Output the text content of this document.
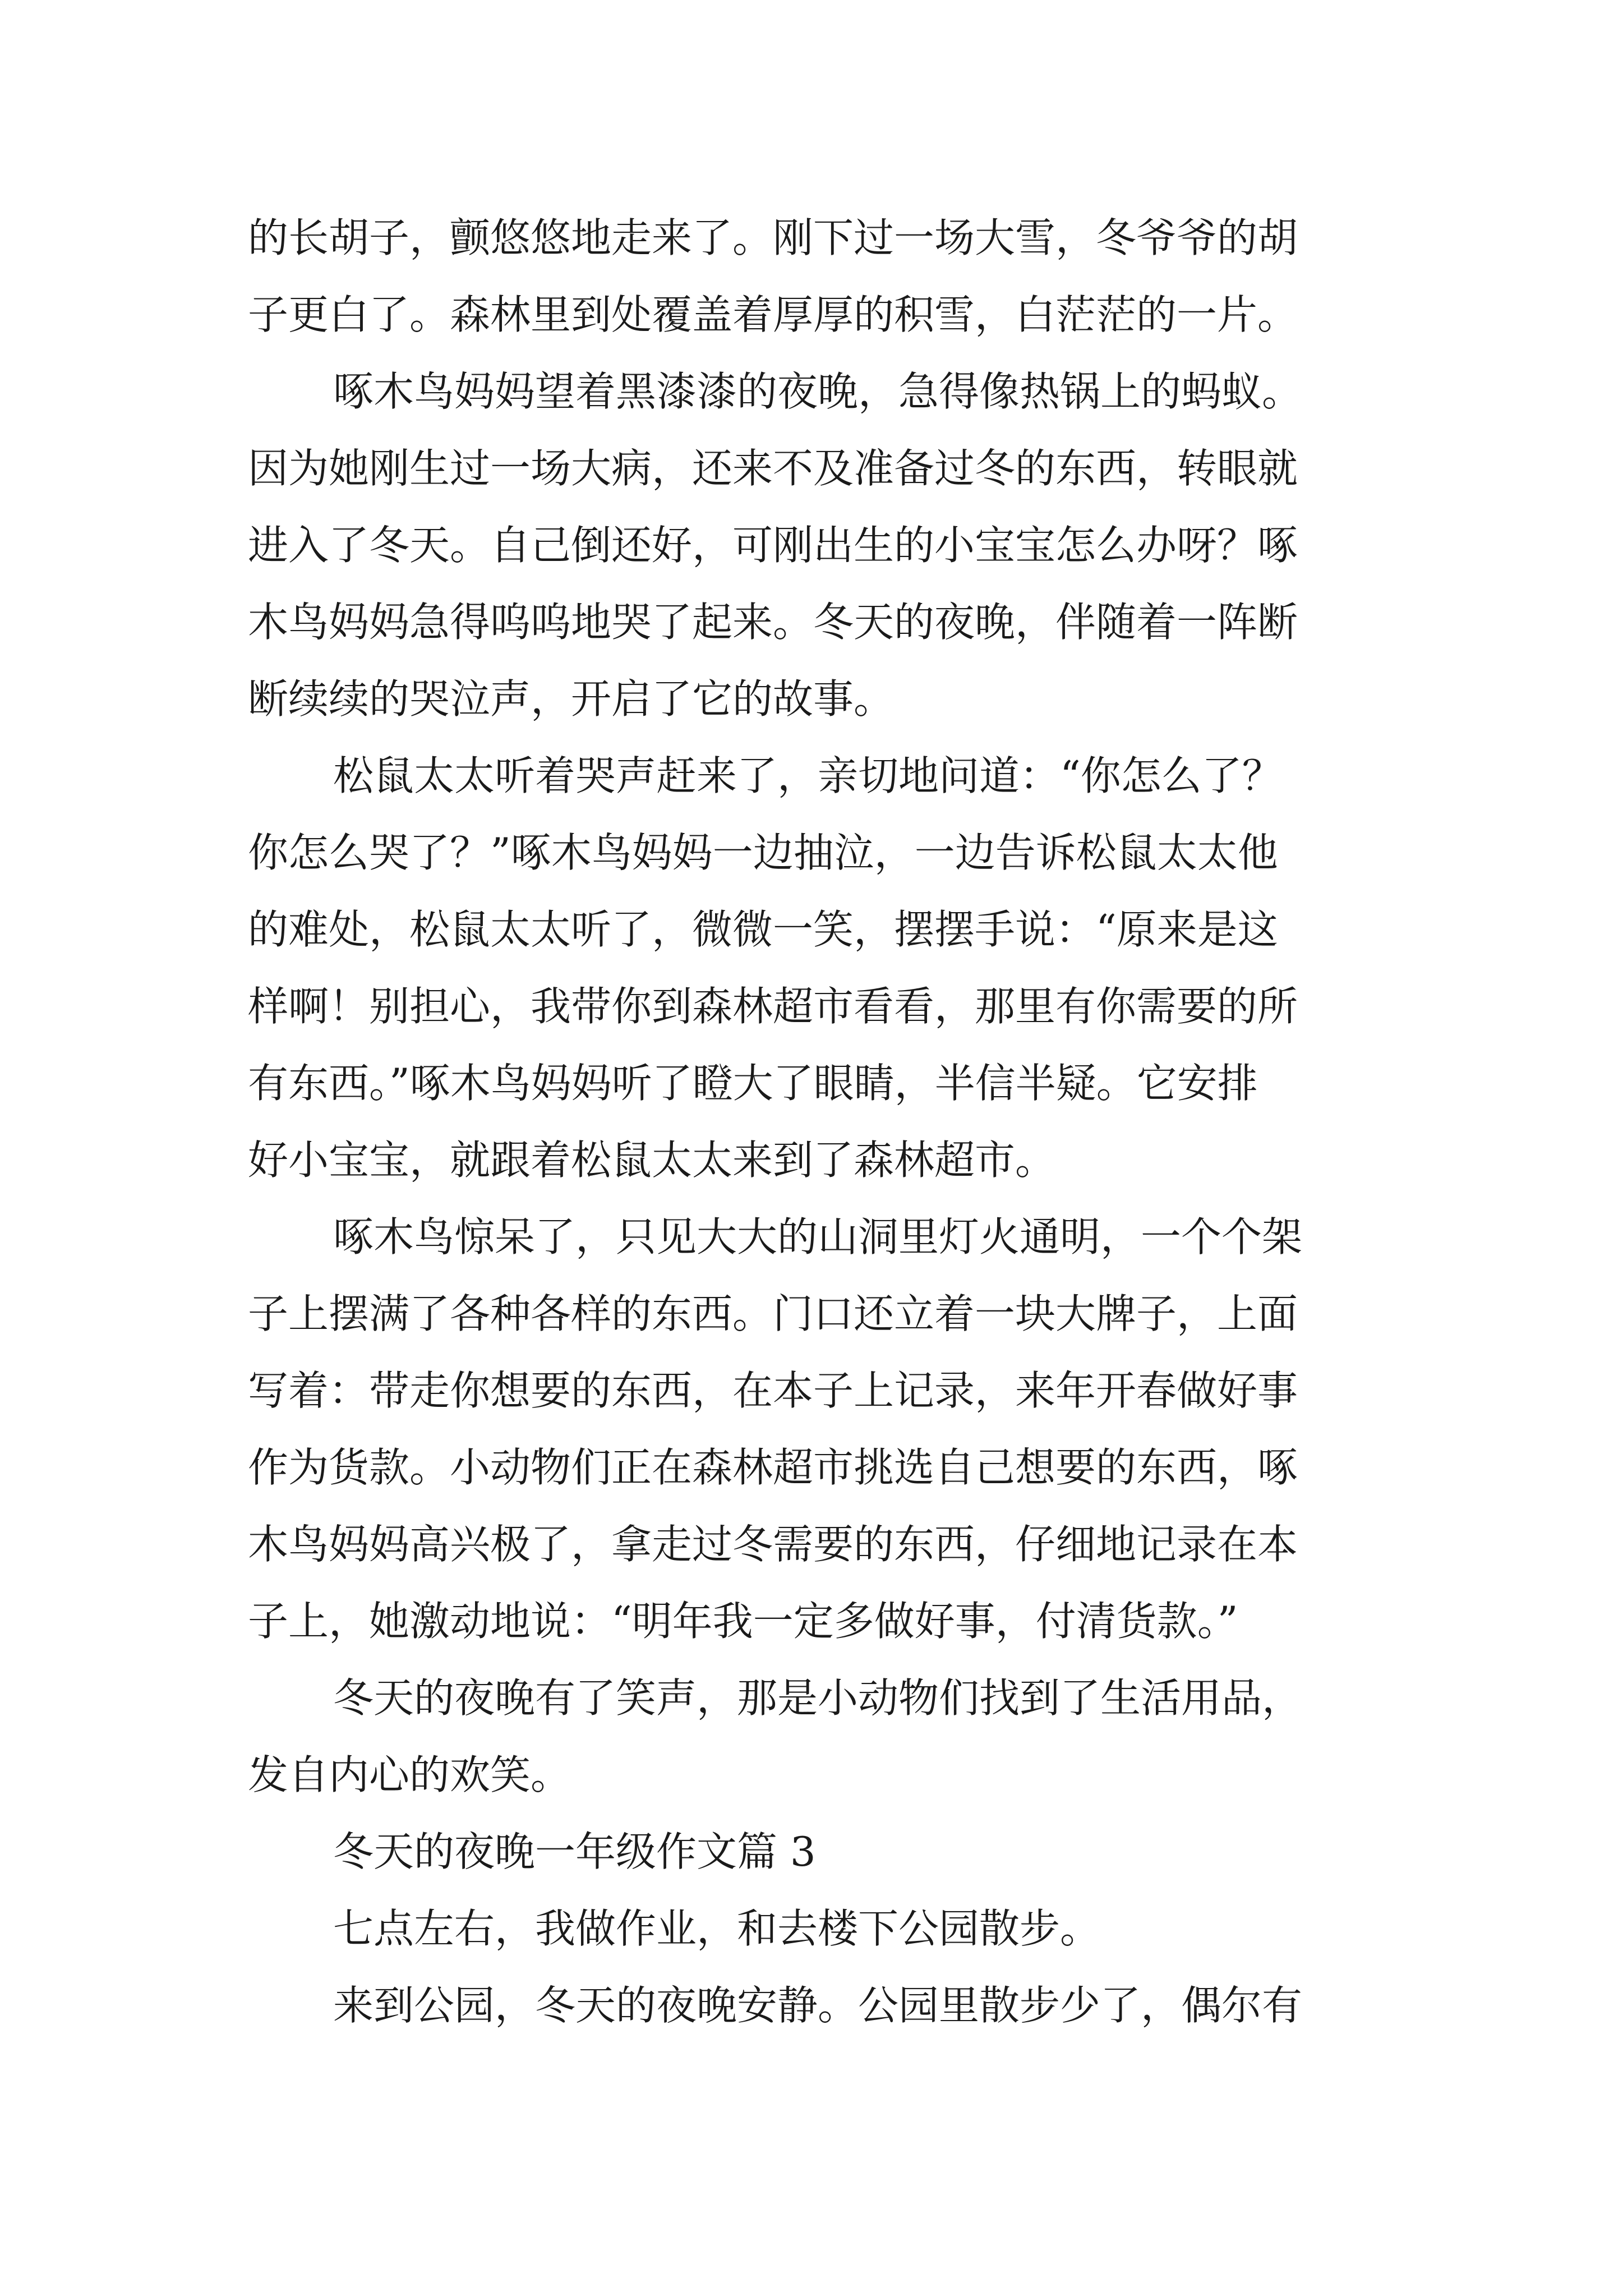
的长胡子，颤悠悠地走来了。刚下过一场大雪，冬爷爷的胡
子更白了。森林里到处覆盖着厚厚的积雪，白茫茫的一片。
啄木鸟妈妈望着黑漆漆的夜晚，急得像热锅上的蚂蚁。
因为她刚生过一场大病，还来不及准备过冬的东西，转眼就
进入了冬天。自己倒还好，可刚出生的小宝宝怎么办呀？啄
木鸟妈妈急得呜呜地哭了起来。冬天的夜晚，伴随着一阵断
断续续的哭泣声，开启了它的故事。
松鼠太太听着哭声赶来了，亲切地问道：“你怎么了？
你怎么哭了？”啄木鸟妈妈一边抽泣，一边告诉松鼠太太他
的难处，松鼠太太听了，微微一笑，摆摆手说：“原来是这
样啊！别担心，我带你到森林超市看看，那里有你需要的所
有东西。”啄木鸟妈妈听了瞪大了眼睛，半信半疑。它安排
好小宝宝，就跟着松鼠太太来到了森林超市。
啄木鸟惊呆了，只见大大的山洞里灯火通明，一个个架
子上摆满了各种各样的东西。门口还立着一块大牌子，上面
写着：带走你想要的东西，在本子上记录，来年开春做好事
作为货款。小动物们正在森林超市挑选自己想要的东西，啄
木鸟妈妈高兴极了，拿走过冬需要的东西，仔细地记录在本
子上，她激动地说：“明年我一定多做好事，付清货款。”
冬天的夜晚有了笑声，那是小动物们找到了生活用品，
发自内心的欢笑。
冬天的夜晚一年级作文篇 3
七点左右，我做作业，和去楼下公园散步。
来到公园，冬天的夜晚安静。公园里散步少了，偶尔有
